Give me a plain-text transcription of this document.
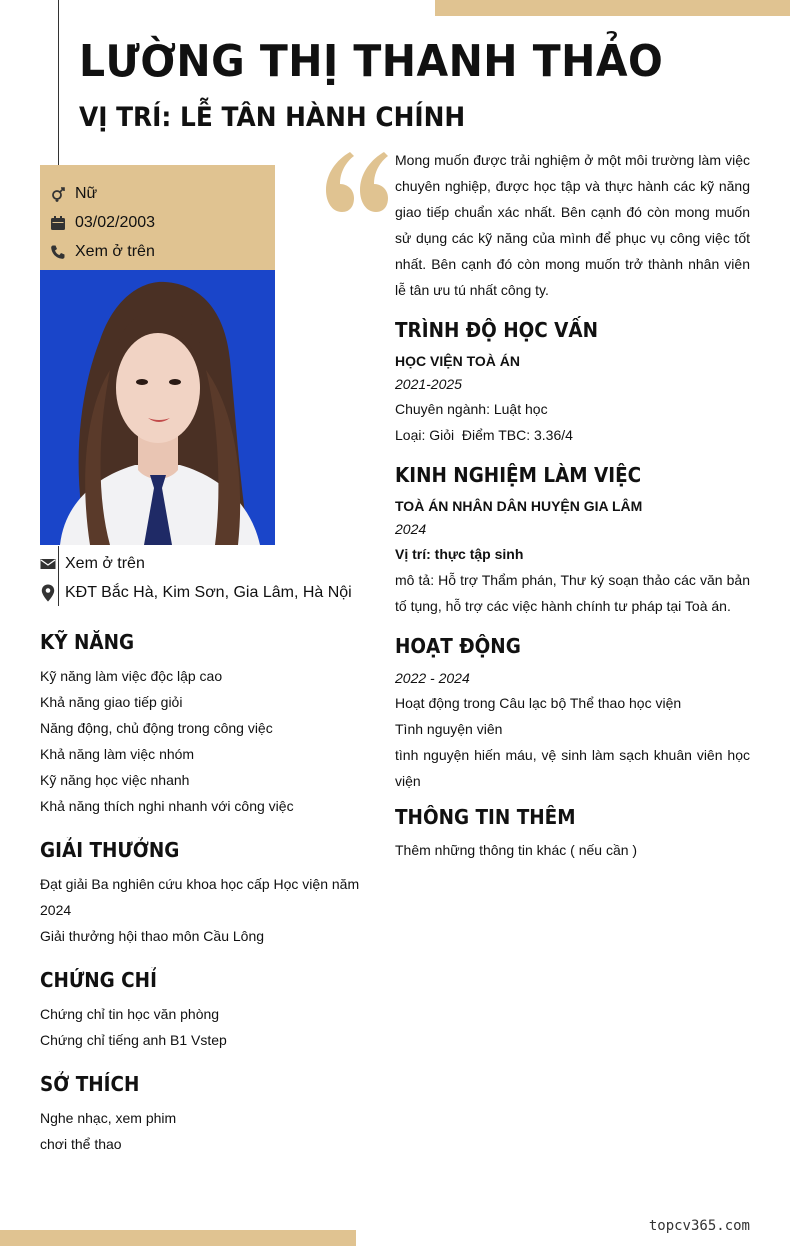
LƯỜNG THỊ THANH THẢO
VỊ TRÍ: LỄ TÂN HÀNH CHÍNH
Nữ
03/02/2003
Xem ở trên
Xem ở trên
KĐT Bắc Hà, Kim Sơn, Gia Lâm, Hà Nội
KỸ NĂNG
Kỹ năng làm việc độc lập cao
Khả năng giao tiếp giỏi
Năng động, chủ động trong công việc
Khả năng làm việc nhóm
Kỹ năng học việc nhanh
Khả năng thích nghi nhanh với công việc
GIẢI THƯỞNG
Đạt giải Ba nghiên cứu khoa học cấp Học viện năm 2024
Giải thưởng hội thao môn Cầu Lông
CHỨNG CHỈ
Chứng chỉ tin học văn phòng
Chứng chỉ tiếng anh B1 Vstep
SỞ THÍCH
Nghe nhạc, xem phim
chơi thể thao
Mong muốn được trải nghiệm ở một môi trường làm việc chuyên nghiệp, được học tập và thực hành các kỹ năng giao tiếp chuẩn xác nhất. Bên cạnh đó còn mong muốn sử dụng các kỹ năng của mình để phục vụ công việc tốt nhất. Bên cạnh đó còn mong muốn trở thành nhân viên lễ tân ưu tú nhất công ty.
TRÌNH ĐỘ HỌC VẤN
HỌC VIỆN TOÀ ÁN
2021-2025
Chuyên ngành: Luật học
Loại: Giỏi  Điểm TBC: 3.36/4
KINH NGHIỆM LÀM VIỆC
TOÀ ÁN NHÂN DÂN HUYỆN GIA LÂM
2024
Vị trí: thực tập sinh
mô tả: Hỗ trợ Thẩm phán, Thư ký soạn thảo các văn bản tố tụng, hỗ trợ các việc hành chính tư pháp tại Toà án.
HOẠT ĐỘNG
2022 - 2024
Hoạt động trong Câu lạc bộ Thể thao học viện
Tình nguyện viên
tình nguyện hiến máu, vệ sinh làm sạch khuân viên học viện
THÔNG TIN THÊM
Thêm những thông tin khác ( nếu cần )
topcv365.com
